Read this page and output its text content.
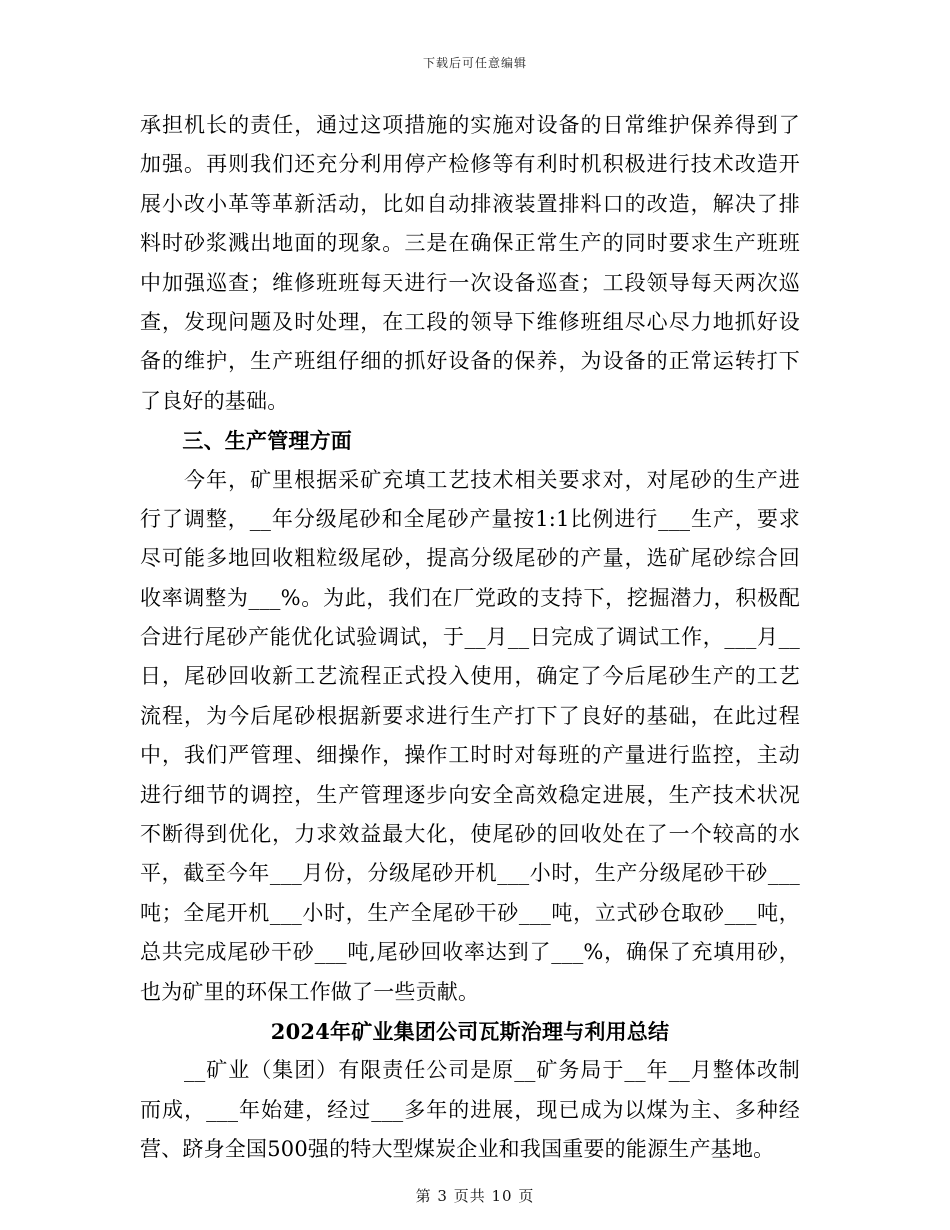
下载后可任意编辑
承担机长的责任，通过这项措施的实施对设备的日常维护保养得到了
加强。再则我们还充分利用停产检修等有利时机积极进行技术改造开
展小改小革等革新活动，比如自动排液装置排料口的改造，解决了排
料时砂浆溅出地面的现象。三是在确保正常生产的同时要求生产班班
中加强巡查；维修班班每天进行一次设备巡查；工段领导每天两次巡
查，发现问题及时处理，在工段的领导下维修班组尽心尽力地抓好设
备的维护，生产班组仔细的抓好设备的保养，为设备的正常运转打下
了良好的基础。
　　三、生产管理方面
　　今年，矿里根据采矿充填工艺技术相关要求对，对尾砂的生产进
行了调整，__年分级尾砂和全尾砂产量按1:1比例进行___生产，要求
尽可能多地回收粗粒级尾砂，提高分级尾砂的产量，选矿尾砂综合回
收率调整为___%。为此，我们在厂党政的支持下，挖掘潜力，积极配
合进行尾砂产能优化试验调试，于__月__日完成了调试工作，___月__
日，尾砂回收新工艺流程正式投入使用，确定了今后尾砂生产的工艺
流程，为今后尾砂根据新要求进行生产打下了良好的基础，在此过程
中，我们严管理、细操作，操作工时时对每班的产量进行监控，主动
进行细节的调控，生产管理逐步向安全高效稳定进展，生产技术状况
不断得到优化，力求效益最大化，使尾砂的回收处在了一个较高的水
平，截至今年___月份，分级尾砂开机___小时，生产分级尾砂干砂___
吨；全尾开机___小时，生产全尾砂干砂___吨，立式砂仓取砂___吨，
总共完成尾砂干砂___吨,尾砂回收率达到了___%，确保了充填用砂，
也为矿里的环保工作做了一些贡献。
2024年矿业集团公司瓦斯治理与利用总结
　　__矿业（集团）有限责任公司是原__矿务局于__年__月整体改制
而成，___年始建，经过___多年的进展，现已成为以煤为主、多种经
营、跻身全国500强的特大型煤炭企业和我国重要的能源生产基地。
第 3 页共 10 页
